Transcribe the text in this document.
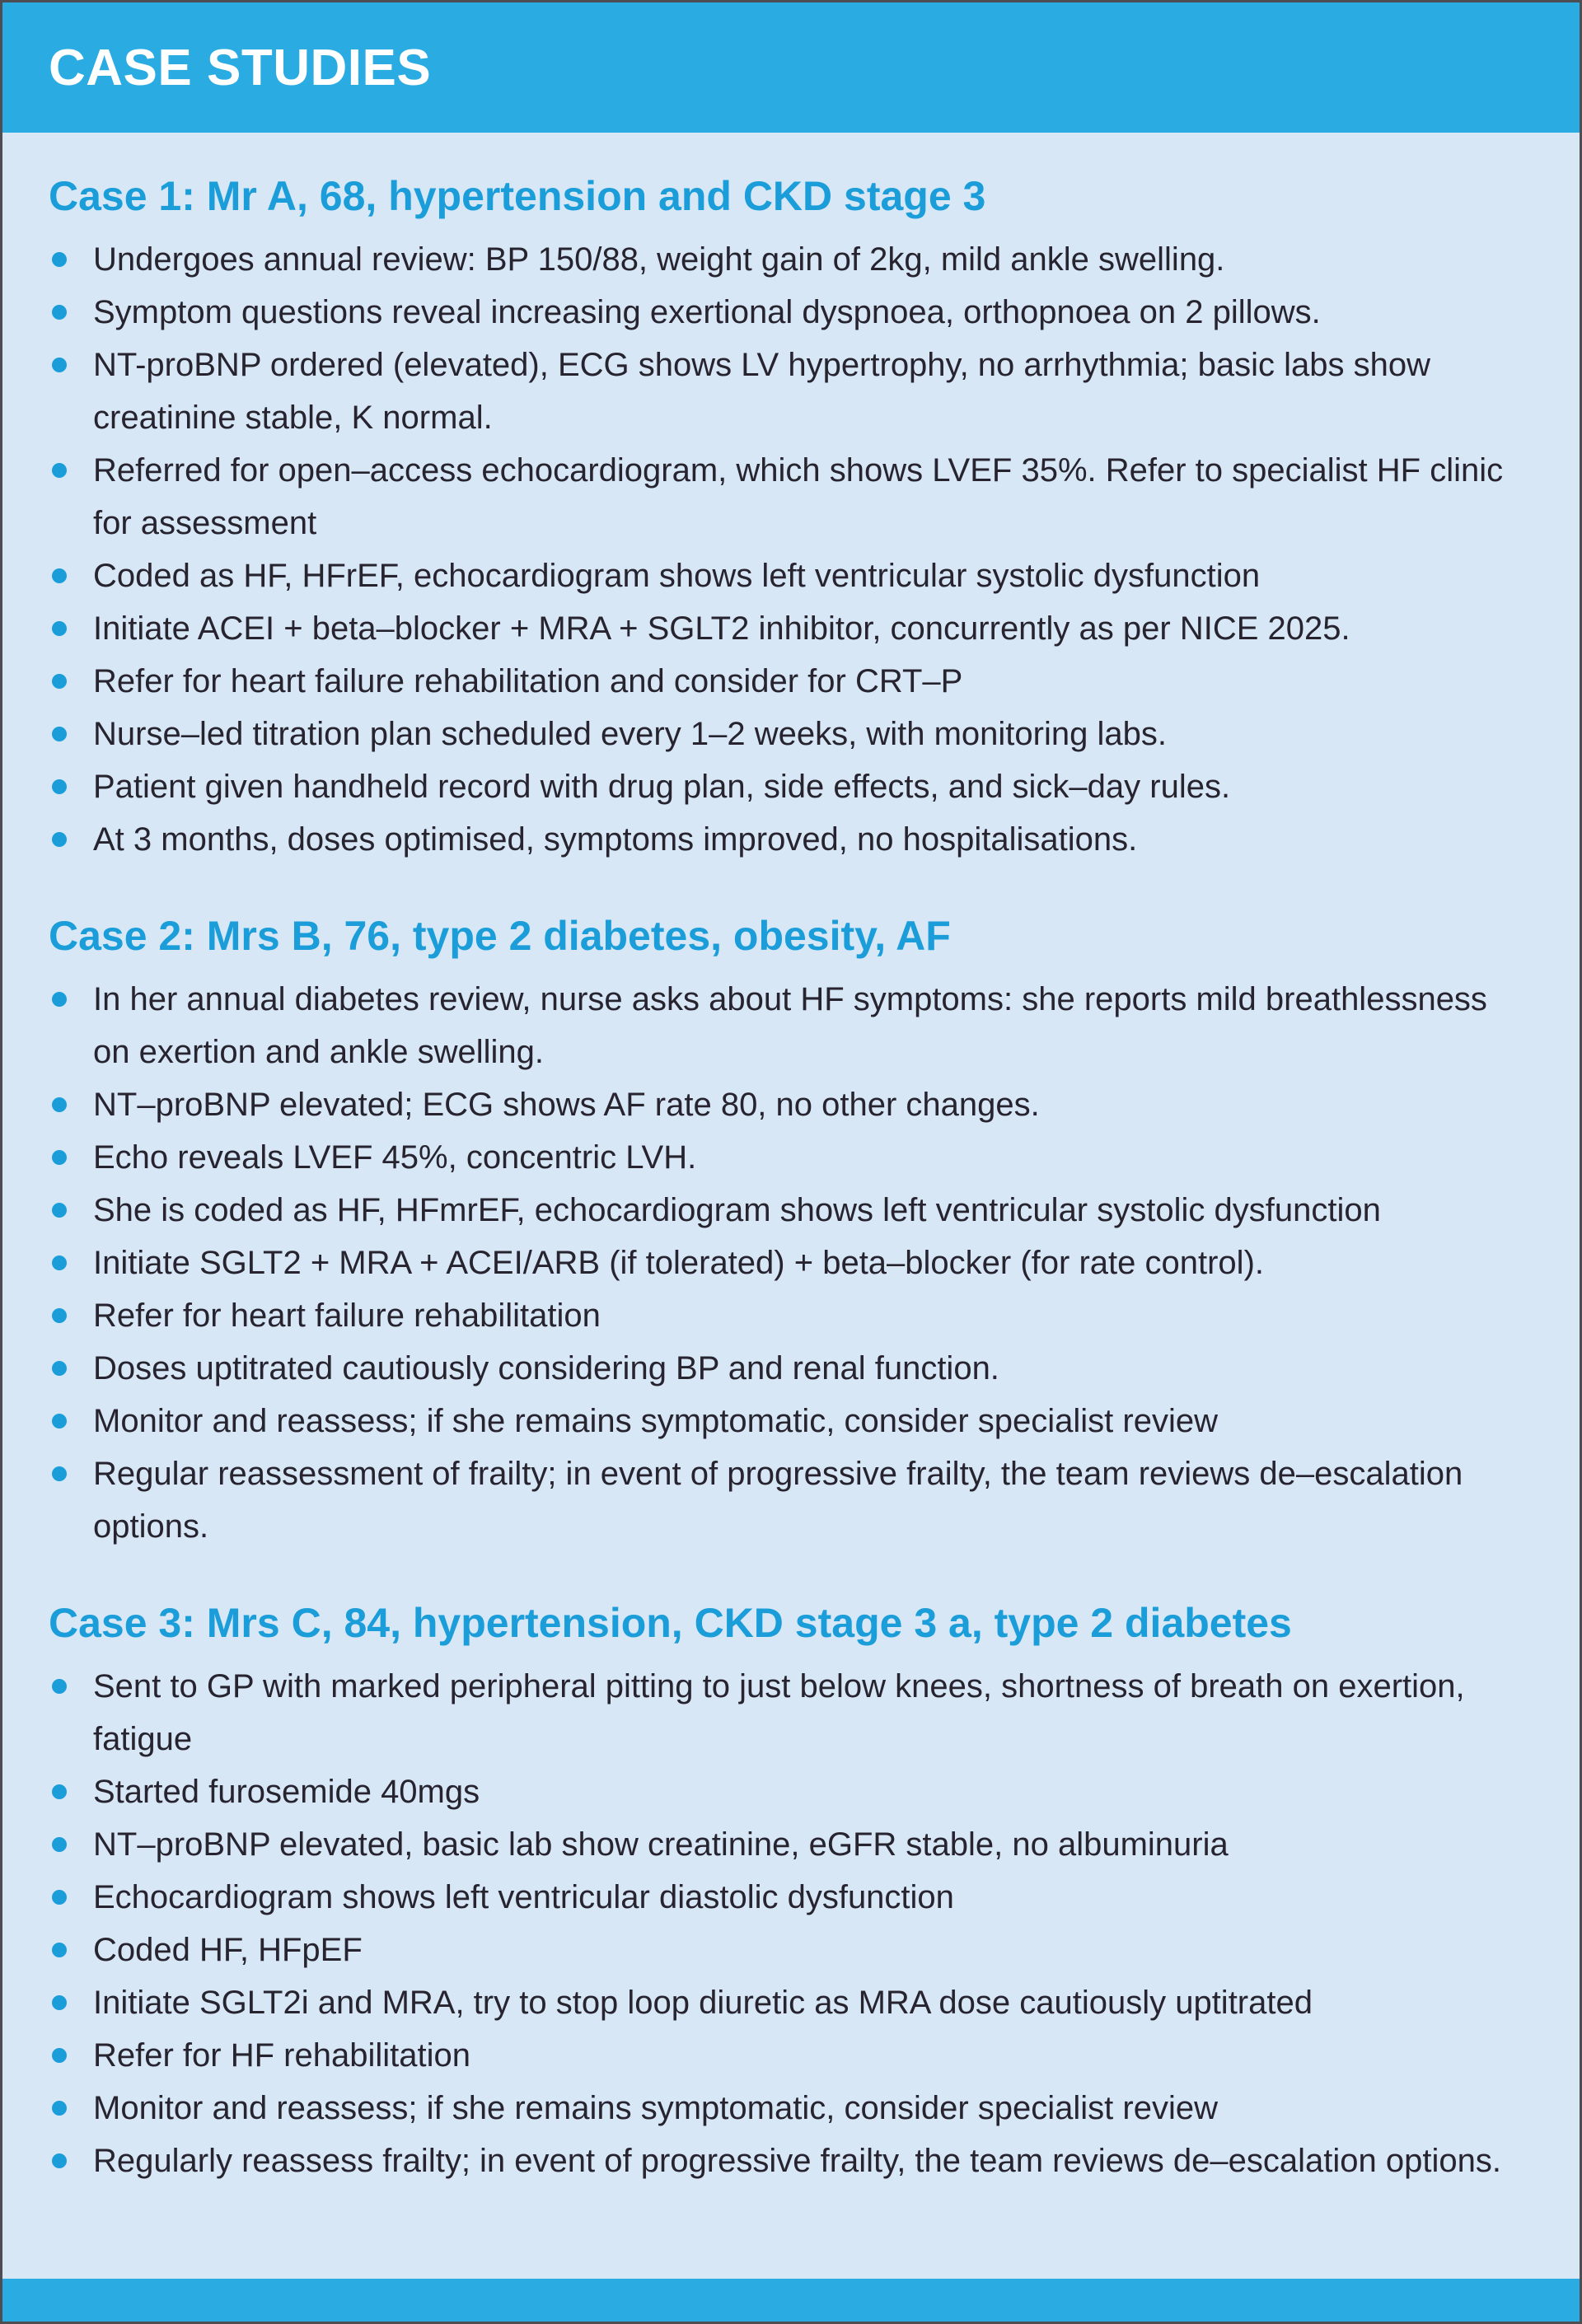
CASE STUDIES
Case 1: Mr A, 68, hypertension and CKD stage 3
Undergoes annual review: BP 150/88, weight gain of 2kg, mild ankle swelling.
Symptom questions reveal increasing exertional dyspnoea, orthopnoea on 2 pillows.
NT-proBNP ordered (elevated), ECG shows LV hypertrophy, no arrhythmia; basic labs show creatinine stable, K normal.
Referred for open–access echocardiogram, which shows LVEF 35%. Refer to specialist HF clinic for assessment
Coded as HF, HFrEF, echocardiogram shows left ventricular systolic dysfunction
Initiate ACEI + beta–blocker + MRA + SGLT2 inhibitor, concurrently as per NICE 2025.
Refer for heart failure rehabilitation and consider for CRT–P
Nurse–led titration plan scheduled every 1–2 weeks, with monitoring labs.
Patient given handheld record with drug plan, side effects, and sick–day rules.
At 3 months, doses optimised, symptoms improved, no hospitalisations.
Case 2: Mrs B, 76, type 2 diabetes, obesity, AF
In her annual diabetes review, nurse asks about HF symptoms: she reports mild breathlessness on exertion and ankle swelling.
NT–proBNP elevated; ECG shows AF rate 80, no other changes.
Echo reveals LVEF 45%, concentric LVH.
She is coded as HF, HFmrEF, echocardiogram shows left ventricular systolic dysfunction
Initiate SGLT2 + MRA + ACEI/ARB (if tolerated) + beta–blocker (for rate control).
Refer for heart failure rehabilitation
Doses uptitrated cautiously considering BP and renal function.
Monitor and reassess; if she remains symptomatic, consider specialist review
Regular reassessment of frailty; in event of progressive frailty, the team reviews de–escalation options.
Case 3: Mrs C, 84, hypertension, CKD stage 3 a, type 2 diabetes
Sent to GP with marked peripheral pitting to just below knees, shortness of breath on exertion, fatigue
Started furosemide 40mgs
NT–proBNP elevated, basic lab show creatinine, eGFR stable, no albuminuria
Echocardiogram shows left ventricular diastolic dysfunction
Coded HF, HFpEF
Initiate SGLT2i and MRA, try to stop loop diuretic as MRA dose cautiously uptitrated
Refer for HF rehabilitation
Monitor and reassess; if she remains symptomatic, consider specialist review
Regularly reassess frailty; in event of progressive frailty, the team reviews de–escalation options.
